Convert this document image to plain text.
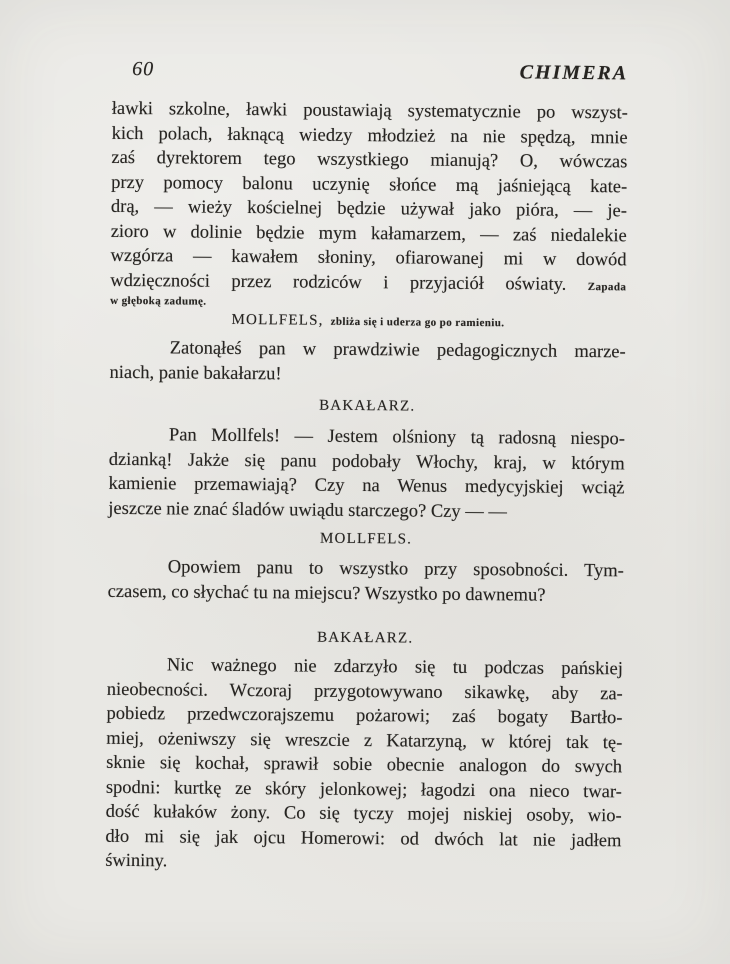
60	CHIMERA
ławki szkolne, ławki poustawiają systematycznie po wszyst-
kich polach, łaknącą wiedzy młodzież na nie spędzą, mnie
zaś dyrektorem tego wszystkiego mianują? O, wówczas
przy pomocy balonu uczynię słońce mą jaśniejącą kate-
drą, — wieży kościelnej będzie używał jako pióra, — je-
zioro w dolinie będzie mym kałamarzem, — zaś niedalekie
wzgórza — kawałem słoniny, ofiarowanej mi w dowód
wdzięczności przez rodziców i przyjaciół oświaty. Zapada
w głęboką zadumę.
MOLLFELS, zbliża się i uderza go po ramieniu.
Zatonąłeś pan w prawdziwie pedagogicznych marze-
niach, panie bakałarzu!
BAKAŁARZ.
Pan Mollfels! — Jestem olśniony tą radosną niespo-
dzianką! Jakże się panu podobały Włochy, kraj, w którym
kamienie przemawiają? Czy na Wenus medycyjskiej wciąż
jeszcze nie znać śladów uwiądu starczego? Czy — —
MOLLFELS.
Opowiem panu to wszystko przy sposobności. Tym-
czasem, co słychać tu na miejscu? Wszystko po dawnemu?
BAKAŁARZ.
Nic ważnego nie zdarzyło się tu podczas pańskiej
nieobecności. Wczoraj przygotowywano sikawkę, aby za-
pobiedz przedwczorajszemu pożarowi; zaś bogaty Bartło-
miej, ożeniwszy się wreszcie z Katarzyną, w której tak tę-
sknie się kochał, sprawił sobie obecnie analogon do swych
spodni: kurtkę ze skóry jelonkowej; łagodzi ona nieco twar-
dość kułaków żony. Co się tyczy mojej niskiej osoby, wio-
dło mi się jak ojcu Homerowi: od dwóch lat nie jadłem
świniny.
